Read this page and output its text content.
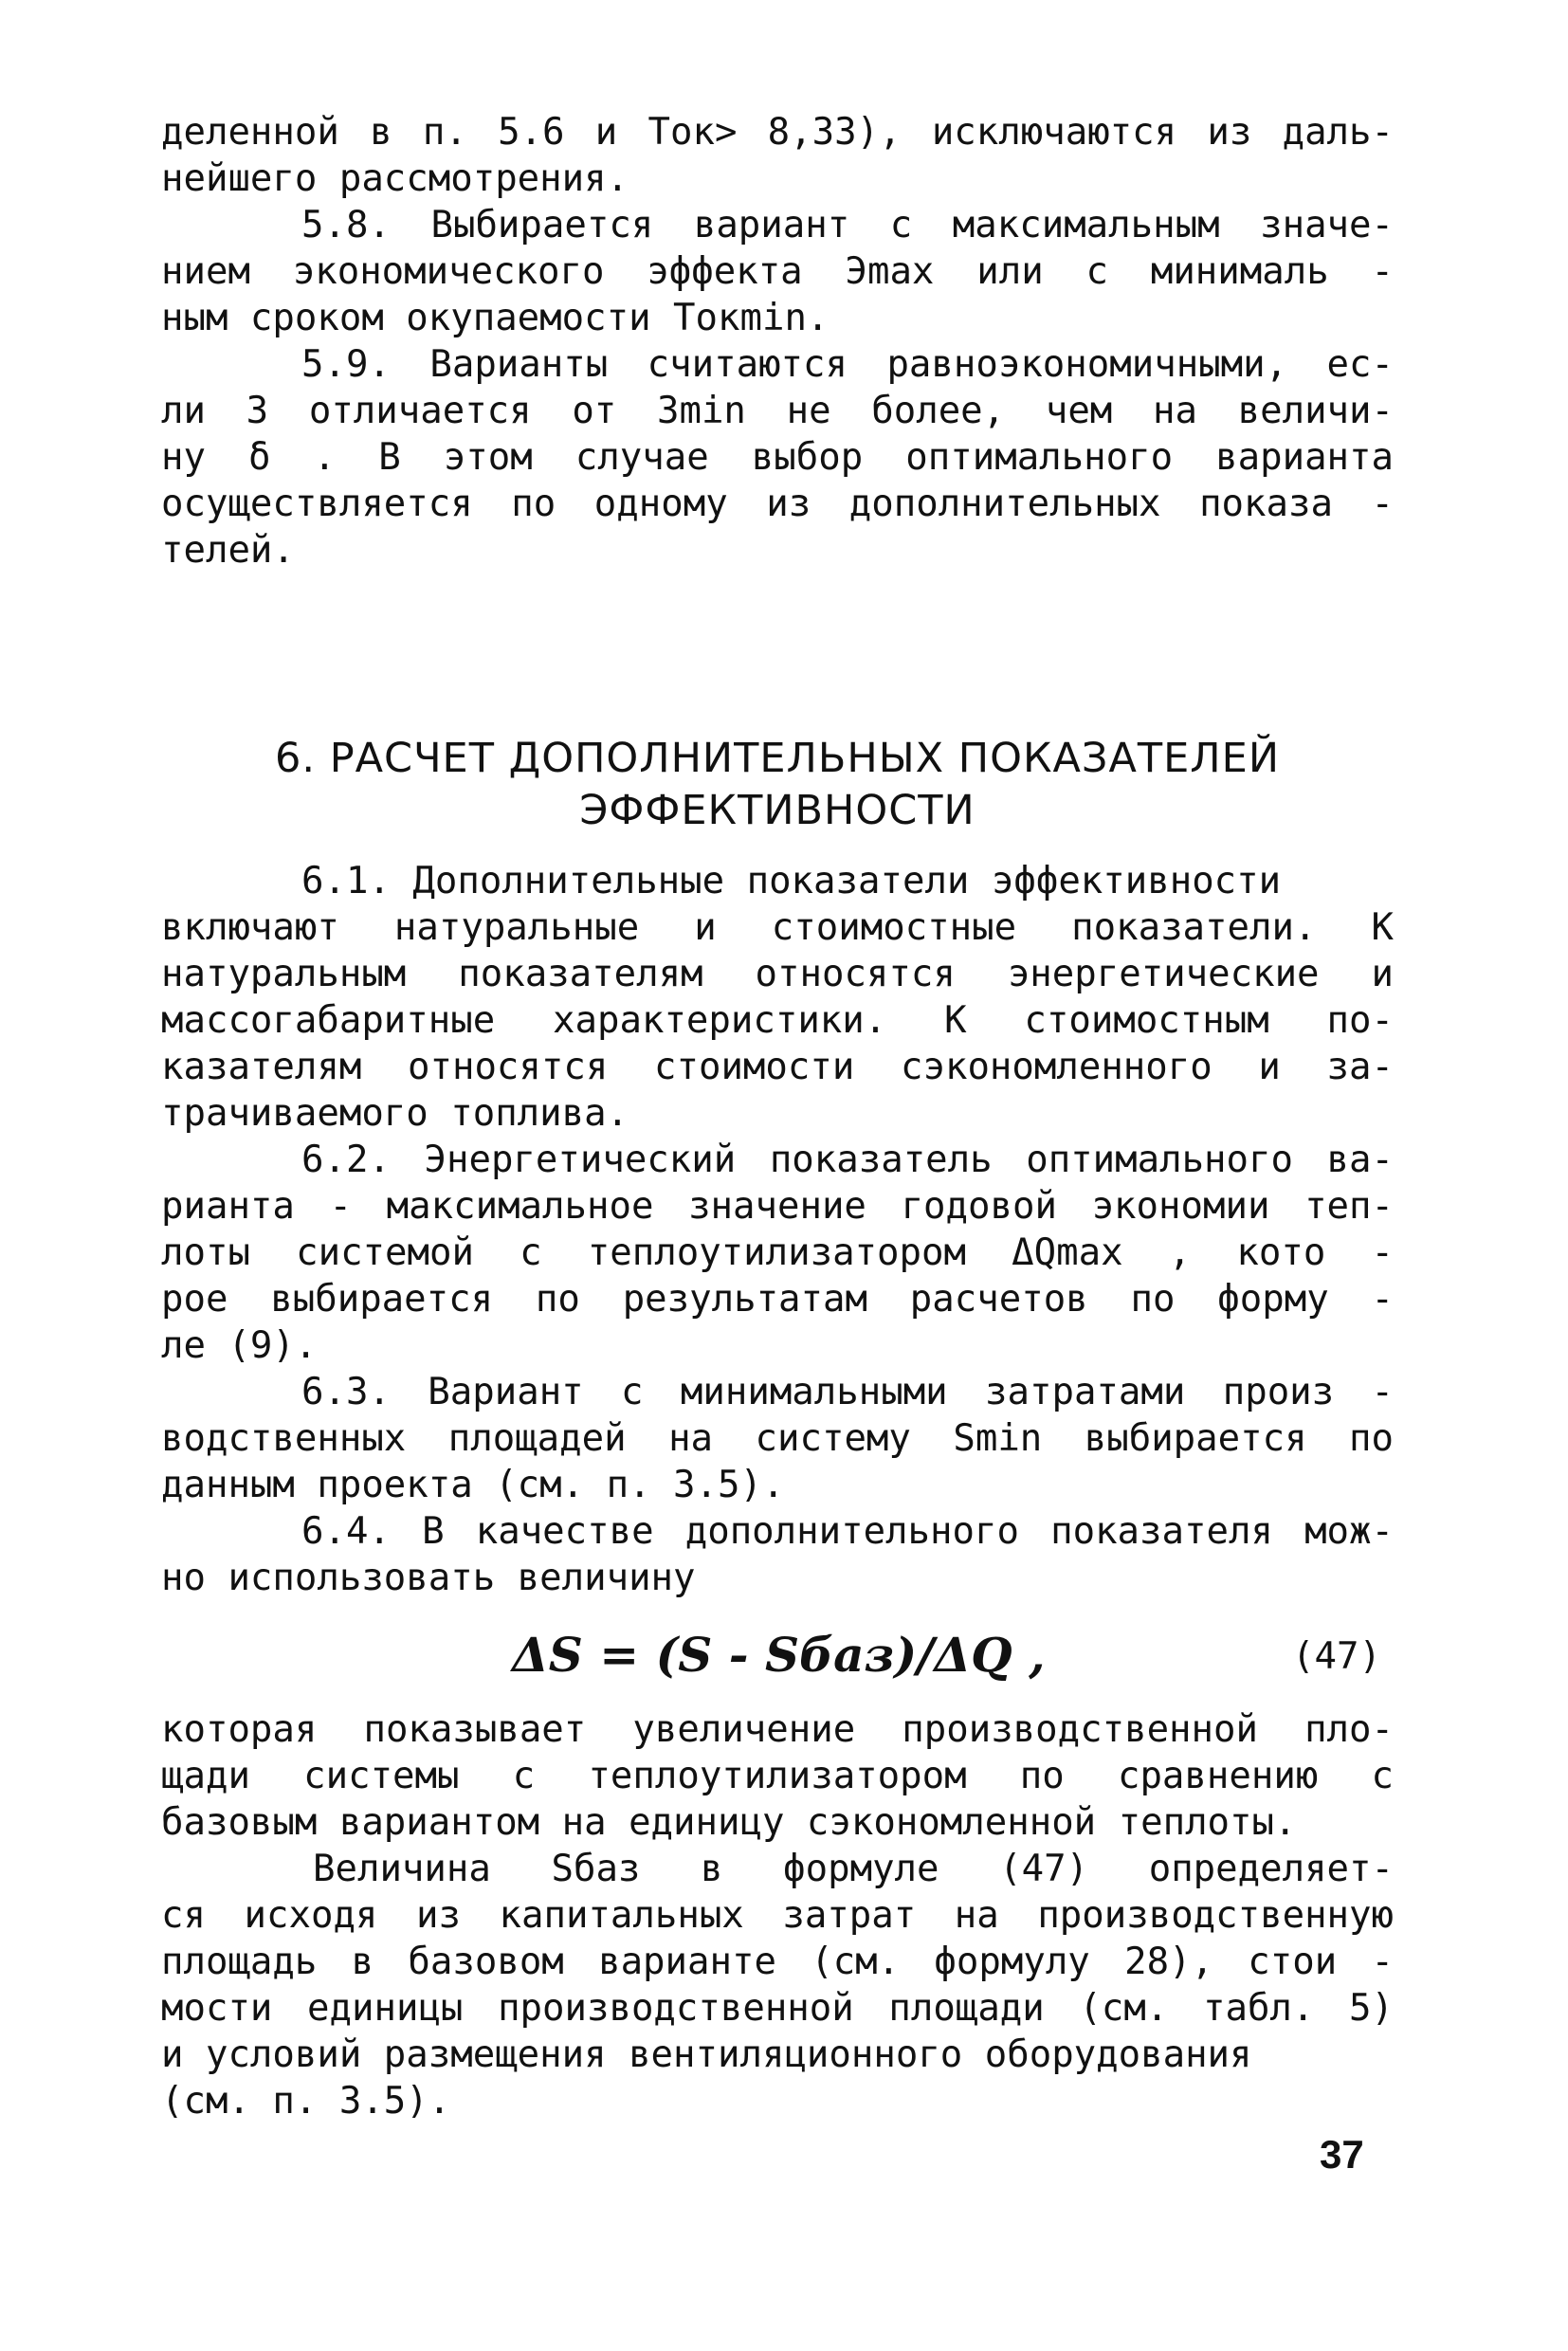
деленной в п. 5.6 и Tок> 8,33), исключаются из даль-
нейшего рассмотрения.
5.8. Выбирается вариант с максимальным значе-
нием экономического эффекта Эmax или с минималь -
ным сроком окупаемости Tокmin.
5.9. Варианты считаются равноэкономичными, ес-
ли З отличается от Зmin не более, чем на величи-
ну δ . В этом случае выбор оптимального варианта
осуществляется по одному из дополнительных показа -
телей.
6. РАСЧЕТ ДОПОЛНИТЕЛЬНЫХ ПОКАЗАТЕЛЕЙ
ЭФФЕКТИВНОСТИ
6.1. Дополнительные показатели эффективности
включают натуральные и стоимостные показатели. К
натуральным показателям относятся энергетические и
массогабаритные характеристики. К стоимостным по-
казателям относятся стоимости сэкономленного и за-
трачиваемого топлива.
6.2. Энергетический показатель оптимального ва-
рианта - максимальное значение годовой экономии теп-
лоты системой с теплоутилизатором ΔQmax , кото -
рое выбирается по результатам расчетов по форму -
ле (9).
6.3. Вариант с минимальными затратами произ -
водственных площадей на систему Smin выбирается по
данным проекта (см. п. 3.5).
6.4. В качестве дополнительного показателя мож-
но использовать величину
ΔS = (S - Sбаз)/ΔQ ,	(47)
которая показывает увеличение производственной пло-
щади системы с теплоутилизатором по сравнению с
базовым вариантом на единицу сэкономленной теплоты.
Величина Sбаз в формуле (47) определяет-
ся исходя из капитальных затрат на производственную
площадь в базовом варианте (см. формулу 28), стои -
мости единицы производственной площади (см. табл. 5)
и условий размещения вентиляционного оборудования
(см. п. 3.5).
37
